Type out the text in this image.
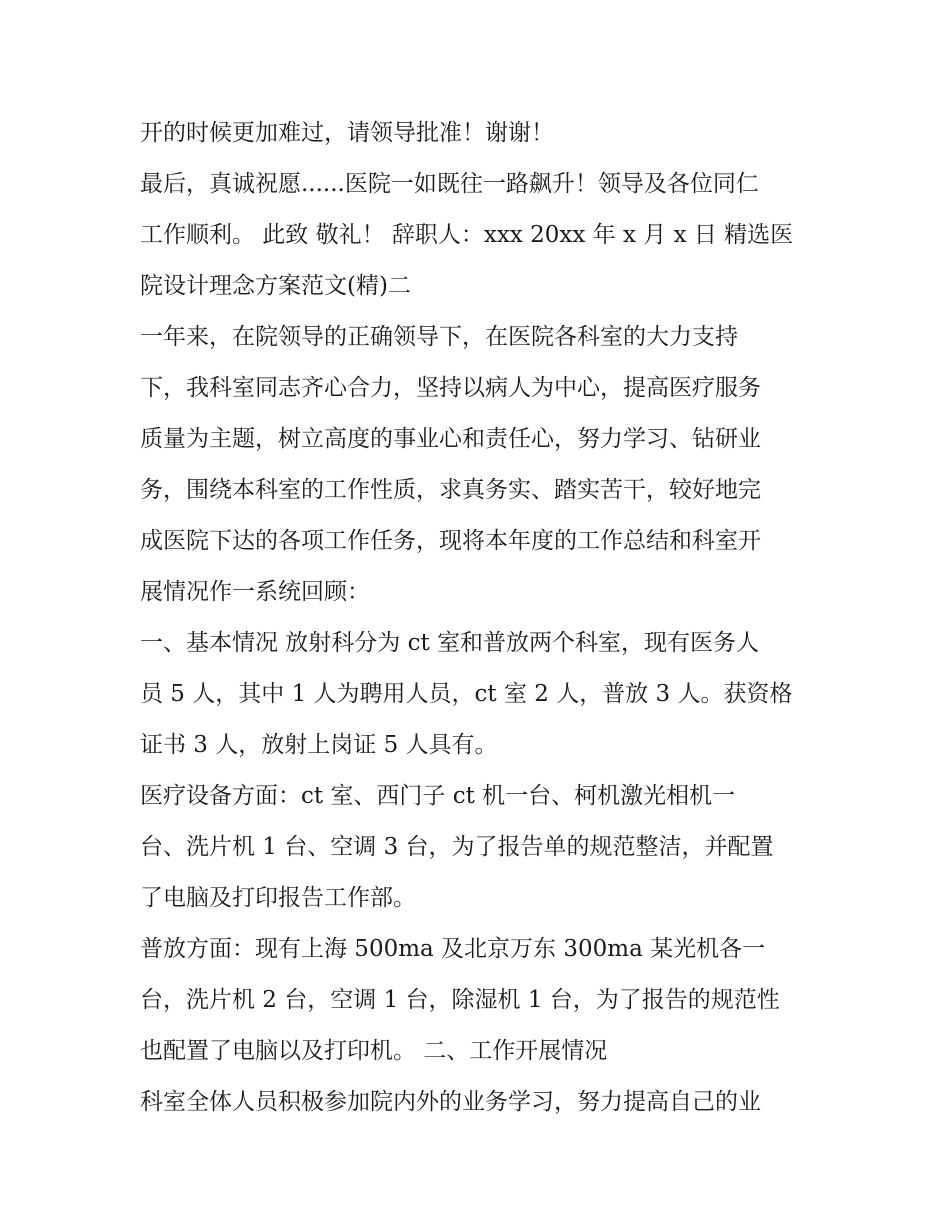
开的时候更加难过，请领导批准！谢谢！
最后，真诚祝愿......医院一如既往一路飙升！领导及各位同仁
工作顺利。 此致 敬礼！ 辞职人：xxx 20xx 年 x 月 x 日 精选医
院设计理念方案范文(精)二
一年来，在院领导的正确领导下，在医院各科室的大力支持
下，我科室同志齐心合力，坚持以病人为中心，提高医疗服务
质量为主题，树立高度的事业心和责任心，努力学习、钻研业
务，围绕本科室的工作性质，求真务实、踏实苦干，较好地完
成医院下达的各项工作任务，现将本年度的工作总结和科室开
展情况作一系统回顾：
一、基本情况 放射科分为 ct 室和普放两个科室，现有医务人
员 5 人，其中 1 人为聘用人员，ct 室 2 人，普放 3 人。获资格
证书 3 人，放射上岗证 5 人具有。
医疗设备方面：ct 室、西门子 ct 机一台、柯机激光相机一
台、洗片机 1 台、空调 3 台，为了报告单的规范整洁，并配置
了电脑及打印报告工作部。
普放方面：现有上海 500ma 及北京万东 300ma 某光机各一
台，洗片机 2 台，空调 1 台，除湿机 1 台，为了报告的规范性
也配置了电脑以及打印机。 二、工作开展情况
科室全体人员积极参加院内外的业务学习，努力提高自己的业
